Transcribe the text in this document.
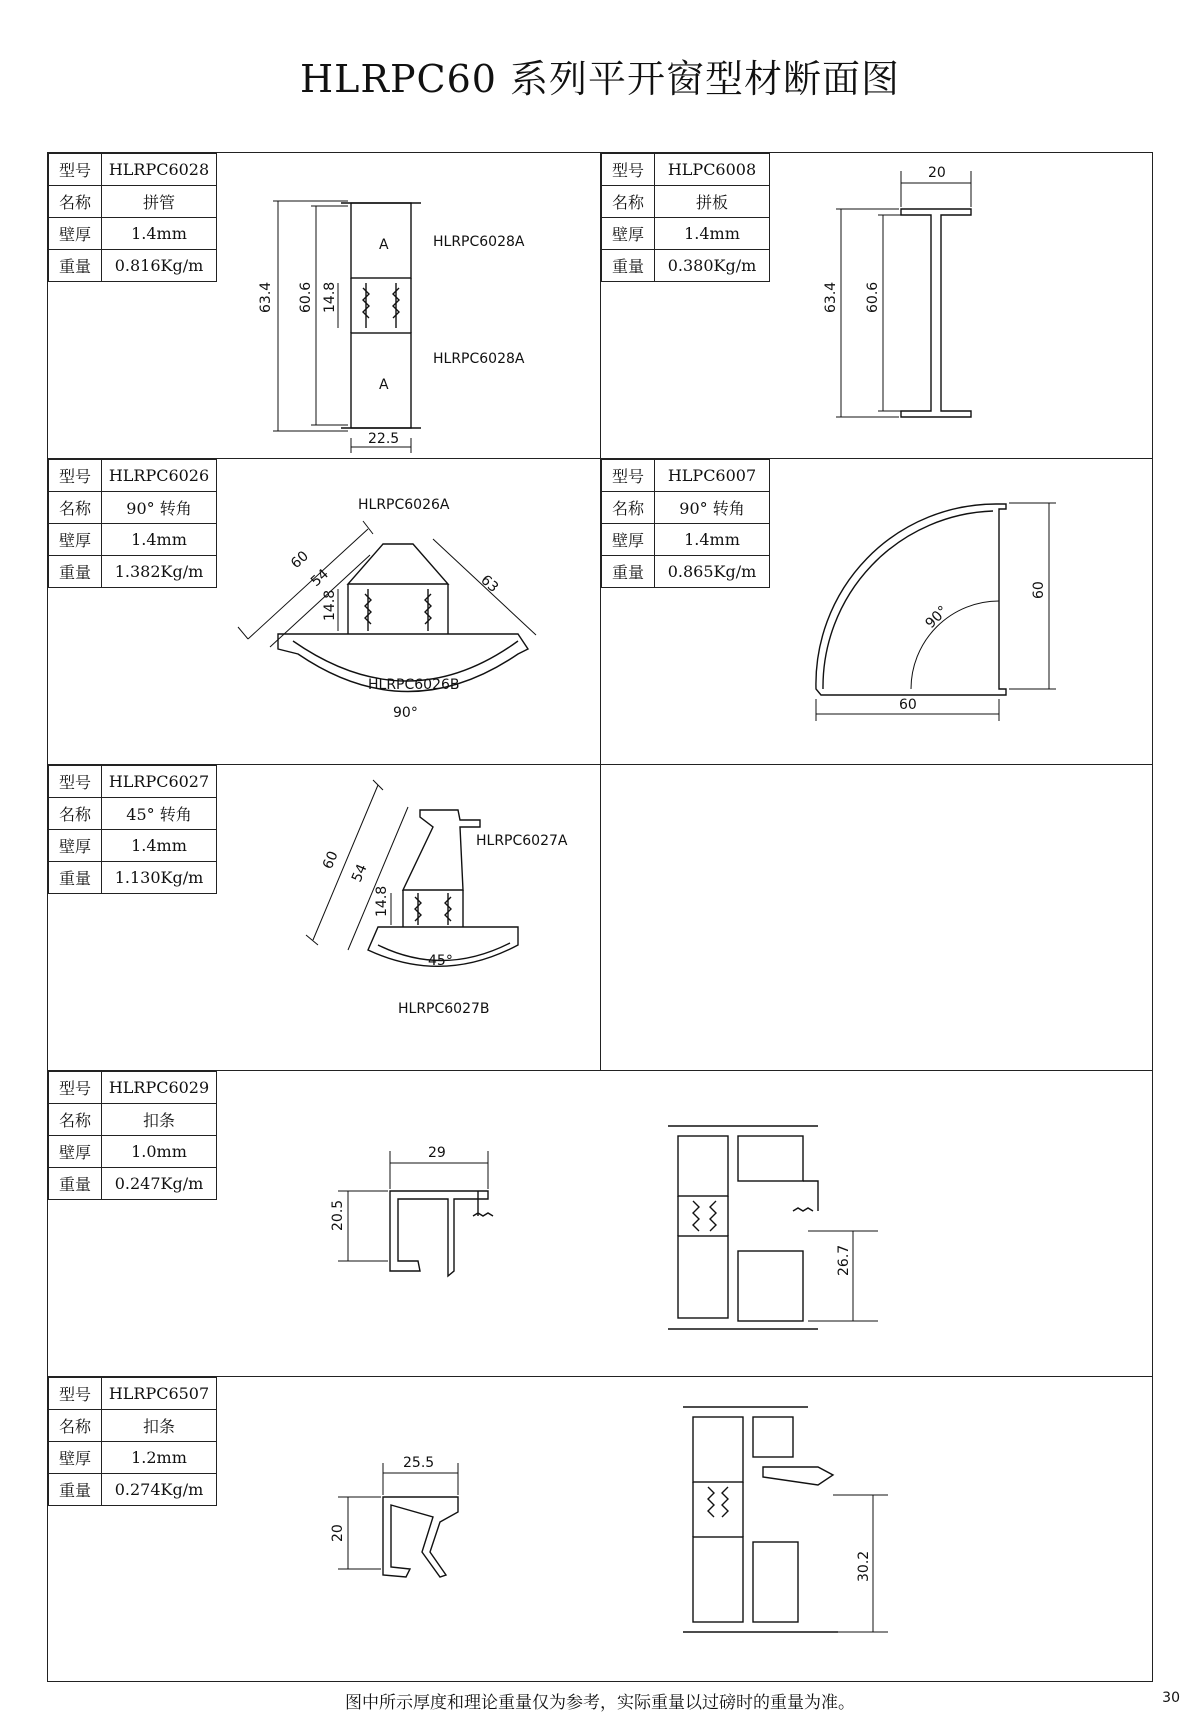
HLRPC60 系列平开窗型材断面图
型号	HLRPC6028
名称	拼管
壁厚	1.4mm
重量	0.816Kg/m
A
A
HLRPC6028A
HLRPC6028A
63.4 60.6 14.8
22.5
型号	HLPC6008
名称	拼板
壁厚	1.4mm
重量	0.380Kg/m
20
63.4 60.6
型号	HLRPC6026
名称	90° 转角
壁厚	1.4mm
重量	1.382Kg/m
HLRPC6026A
HLRPC6026B
60
54	63
14.8
90°
型号	HLPC6007
名称	90° 转角
壁厚	1.4mm
重量	0.865Kg/m
90°
60
60
型号	HLRPC6027
名称	45° 转角
壁厚	1.4mm
重量	1.130Kg/m
HLRPC6027A
HLRPC6027B
60
54
14.8
45°
型号	HLRPC6029
名称	扣条
壁厚	1.0mm
重量	0.247Kg/m
29
20.5
26.7
型号	HLRPC6507
名称	扣条
壁厚	1.2mm
重量	0.274Kg/m
25.5
20
30.2
图中所示厚度和理论重量仅为参考，实际重量以过磅时的重量为准。	30
